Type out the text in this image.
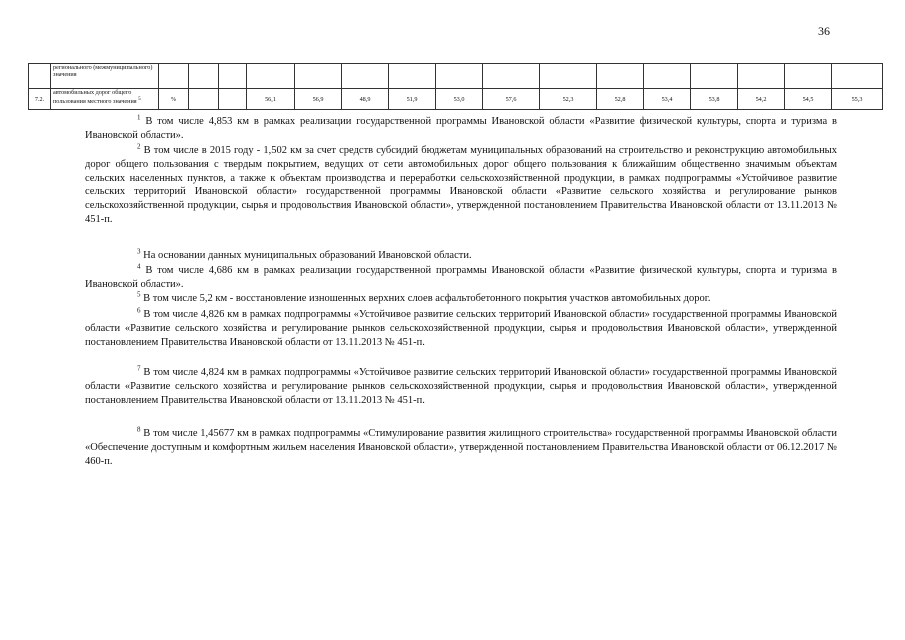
36
	регионального (межмуниципального) значения																
7.2.	автомобильных дорог общего пользования местного значения $^5$	%			56,1	56,9	48,9	51,9	53,0	57,6	52,3	52,8	53,4	53,8	54,2	54,5	55,3
$^1$ В том числе 4,853 км в рамках реализации государственной программы Ивановской области «Развитие физической культуры, спорта и туризма в Ивановской области».
$^2$ В том числе в 2015 году - 1,502 км за счет средств субсидий бюджетам муниципальных образований на строительство и реконструкцию автомобильных дорог общего пользования с твердым покрытием, ведущих от сети автомобильных дорог общего пользования к ближайшим общественно значимым объектам сельских населенных пунктов, а также к объектам производства и переработки сельскохозяйственной продукции, в рамках подпрограммы «Устойчивое развитие сельских территорий Ивановской области» государственной программы Ивановской области «Развитие сельского хозяйства и регулирование рынков сельскохозяйственной продукции, сырья и продовольствия Ивановской области», утвержденной постановлением Правительства Ивановской области от 13.11.2013 № 451-п.
$^3$ На основании данных муниципальных образований Ивановской области.
$^4$ В том числе 4,686 км в рамках реализации государственной программы Ивановской области «Развитие физической культуры, спорта и туризма в Ивановской области».
$^5$ В том числе 5,2 км - восстановление изношенных верхних слоев асфальтобетонного покрытия участков автомобильных дорог.
$^6$ В том числе 4,826 км в рамках подпрограммы «Устойчивое развитие сельских территорий Ивановской области» государственной программы Ивановской области «Развитие сельского хозяйства и регулирование рынков сельскохозяйственной продукции, сырья и продовольствия Ивановской области», утвержденной постановлением Правительства Ивановской области от 13.11.2013 № 451-п.
$^7$ В том числе 4,824 км в рамках подпрограммы «Устойчивое развитие сельских территорий Ивановской области» государственной программы Ивановской области «Развитие сельского хозяйства и регулирование рынков сельскохозяйственной продукции, сырья и продовольствия Ивановской области», утвержденной постановлением Правительства Ивановской области от 13.11.2013 № 451-п.
$^8$ В том числе 1,45677 км в рамках подпрограммы «Стимулирование развития жилищного строительства» государственной программы Ивановской области «Обеспечение доступным и комфортным жильем населения Ивановской области», утвержденной постановлением Правительства Ивановской области от 06.12.2017 № 460-п.
